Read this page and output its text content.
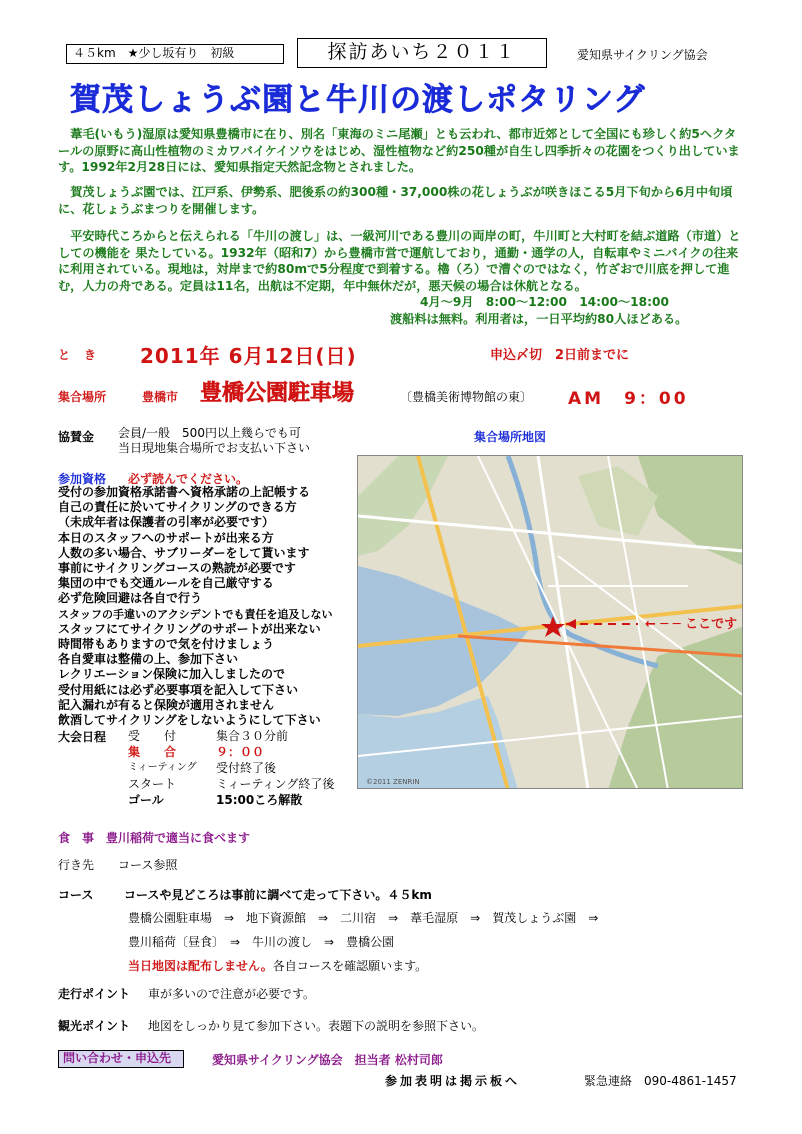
４５km　★少し坂有り　初級	探訪あいち２０１１	愛知県サイクリング協会
賀茂しょうぶ園と牛川の渡しポタリング

葦毛(いもう)湿原は愛知県豊橋市に在り、別名「東海のミニ尾瀬」とも云われ、都市近郊として全国にも珍しく約5ヘクタールの原野に高山性植物のミカワバイケイソウをはじめ、湿性植物など約250種が自生し四季折々の花園をつくり出しています。1992年2月28日には、愛知県指定天然記念物とされました。

賀茂しょうぶ園では、江戸系、伊勢系、肥後系の約300種・37,000株の花しょうぶが咲きほこる5月下旬から6月中旬頃に、花しょうぶまつりを開催します。

平安時代ころからと伝えられる「牛川の渡し」は、一級河川である豊川の両岸の町，牛川町と大村町を結ぶ道路（市道）としての機能を 果たしている。1932年（昭和7）から豊橋市営で運航しており，通勤・通学の人，自転車やミニバイクの往来に利用されている。現地は，対岸まで約80mで5分程度で到着する。櫓（ろ）で漕ぐのではなく，竹ざおで川底を押して進む，人力の舟である。定員は11名，出航は不定期，年中無休だが，悪天候の場合は休航となる。

4月～9月　8:00～12:00　14:00～18:00
渡船料は無料。利用者は，一日平均約80人ほどある。
とき 2011年 6月12日(日)	申込〆切　2日前までに
集合場所	豊橋市 豊橋公園駐車場	〔豊橋美術博物館の東〕 AM　9：00
協賛金 会員/一般　500円以上幾らでも可
当日現地集合場所でお支払い下さい
集合場所地図
参加資格 必ず読んでください。
受付の参加資格承諾書へ資格承諾の上記帳する
自己の責任に於いてサイクリングのできる方
（未成年者は保護者の引率が必要です）
本日のスタッフへのサポートが出来る方
人数の多い場合、サブリーダーをして貰います
事前にサイクリングコースの熟読が必要です
集団の中でも交通ルールを自己厳守する
必ず危険回避は各自で行う
スタッフの手違いのアクシデントでも責任を追及しない
スタッフにてサイクリングのサポートが出来ない
時間帯もありますので気を付けましょう
各自愛車は整備の上、参加下さい
レクリエーション保険に加入しましたので
受付用紙には必ず必要事項を記入して下さい
記入漏れが有ると保険が適用されません
飲酒してサイクリングをしないようにして下さい
©2011 ZENRIN
← ─ ─ ここです
大会日程 受　　付	集合３０分前
集　　合	９：００
ミィーティング	受付終了後
スタート	ミィーティング終了後
ゴール	15:00ころ解散
食　事　豊川稲荷で適当に食べます
行き先　　コース参照
コース	コースや見どころは事前に調べて走って下さい。４５km
豊橋公園駐車場　⇒　地下資源館　⇒　二川宿　⇒　葦毛湿原　⇒　賀茂しょうぶ園　⇒
豊川稲荷〔昼食〕　⇒　牛川の渡し　⇒　豊橋公園
当日地図は配布しません。各自コースを確認願います。
走行ポイント 車が多いので注意が必要です。
観光ポイント 地図をしっかり見て参加下さい。表題下の説明を参照下さい。
問い合わせ・申込先	愛知県サイクリング協会　担当者 松村司郎
参加表明は掲示板へ	緊急連絡　090-4861-1457
